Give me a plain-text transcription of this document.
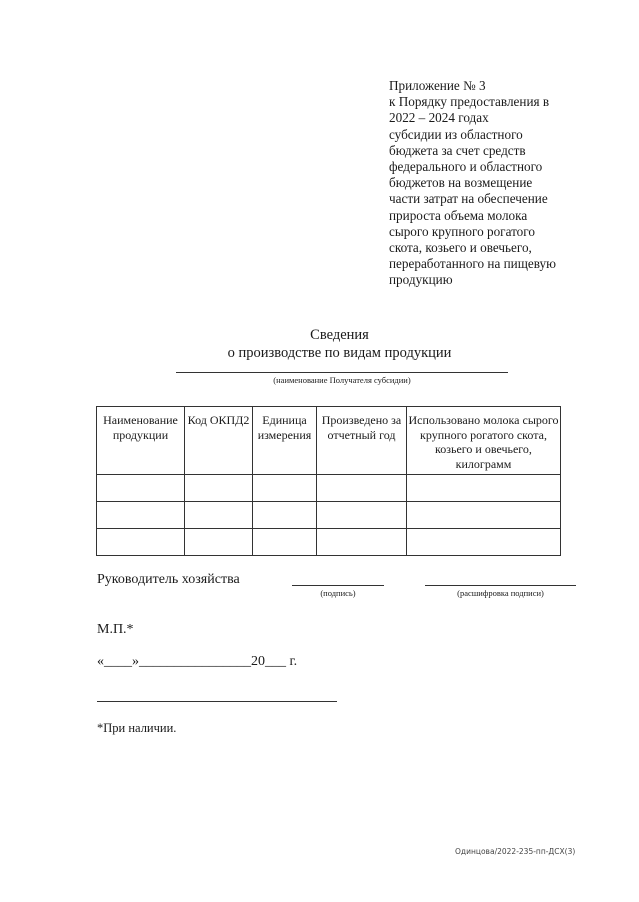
Приложение № 3
к Порядку предоставления в
2022 – 2024 годах
субсидии из областного
бюджета за счет средств
федерального и областного
бюджетов на возмещение
части затрат на обеспечение
прироста объема молока
сырого крупного рогатого
скота, козьего и овечьего,
переработанного на пищевую
продукцию
Сведения
о производстве по видам продукции
(наименование Получателя субсидии)
Наименование продукции	Код ОКПД2	Единица измерения	Произведено за отчетный год	Использовано молока сырого крупного рогатого скота, козьего и овечьего, килограмм

Руководитель хозяйства
(подпись)	(расшифровка подписи)
М.П.*
«____»________________20___ г.
*При наличии.
Одинцова/2022-235-пп-ДСХ(3)
